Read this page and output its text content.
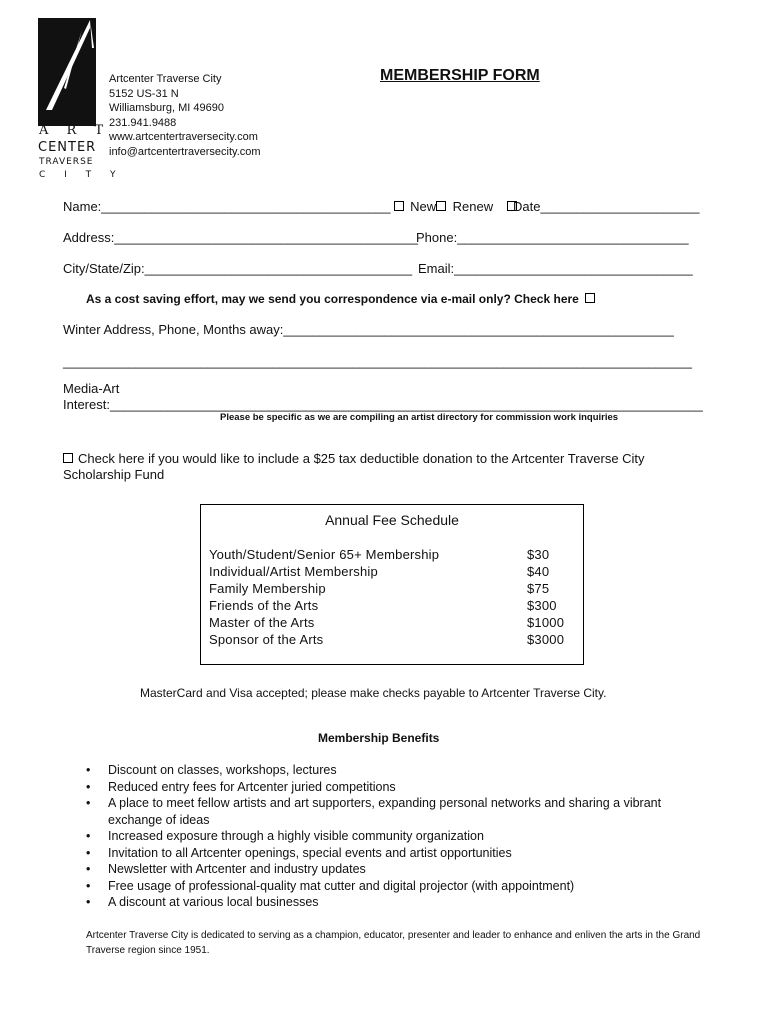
A R T
CENTER
TRAVERSE
C I T Y
Artcenter Traverse City
5152 US-31 N
Williamsburg, MI 49690
231.941.9488
www.artcentertraversecity.com
info@artcentertraversecity.com
MEMBERSHIP FORM
Name:________________________________________ New Renew	Date______________________
Address:__________________________________________
Phone:________________________________
City/State/Zip:_____________________________________ Email:_________________________________
As a cost saving effort, may we send you correspondence via e-mail only? Check here
Winter Address, Phone, Months away:______________________________________________________
_______________________________________________________________________________________
Media-Art
Interest:__________________________________________________________________________________
Please be specific as we are compiling an artist directory for commission work inquiries
Check here if you would like to include a $25 tax deductible donation to the Artcenter Traverse City
Scholarship Fund
Annual Fee Schedule
Youth/Student/Senior 65+ Membership	$30
Individual/Artist Membership	$40
Family Membership	$75
Friends of the Arts	$300
Master of the Arts	$1000
Sponsor of the Arts	$3000
MasterCard and Visa accepted; please make checks payable to Artcenter Traverse City.
Membership Benefits
• Discount on classes, workshops, lectures
• Reduced entry fees for Artcenter juried competitions
• A place to meet fellow artists and art supporters, expanding personal networks and sharing a vibrant exchange of ideas
• Increased exposure through a highly visible community organization
• Invitation to all Artcenter openings, special events and artist opportunities
• Newsletter with Artcenter and industry updates
• Free usage of professional-quality mat cutter and digital projector (with appointment)
• A discount at various local businesses
Artcenter Traverse City is dedicated to serving as a champion, educator, presenter and leader to enhance and enliven the arts in the Grand Traverse region since 1951.
